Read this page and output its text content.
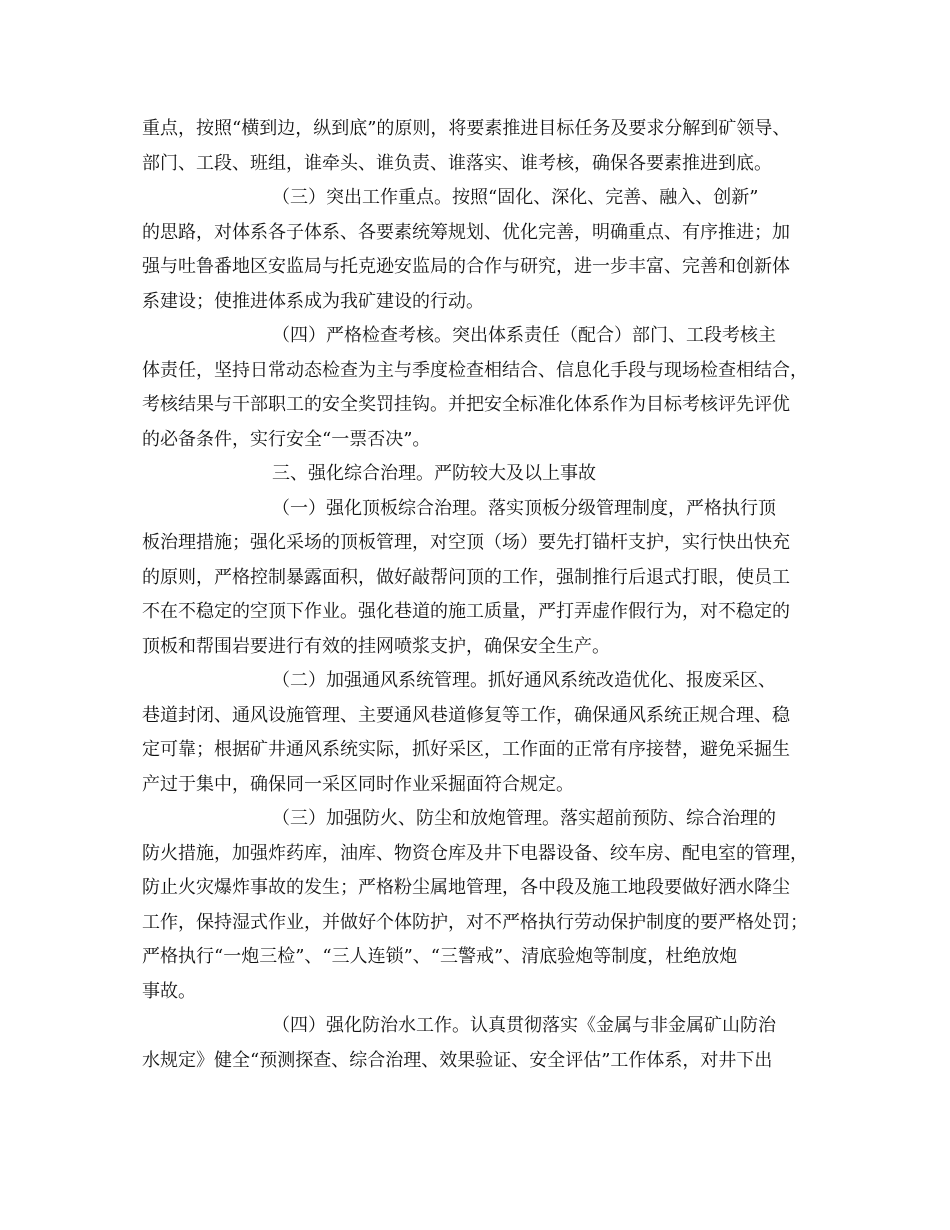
重点，按照“横到边，纵到底”的原则，将要素推进目标任务及要求分解到矿领导、
部门、工段、班组，谁牵头、谁负责、谁落实、谁考核，确保各要素推进到底。
（三）突出工作重点。按照“固化、深化、完善、融入、创新”
的思路，对体系各子体系、各要素统筹规划、优化完善，明确重点、有序推进；加
强与吐鲁番地区安监局与托克逊安监局的合作与研究，进一步丰富、完善和创新体
系建设；使推进体系成为我矿建设的行动。
（四）严格检查考核。突出体系责任（配合）部门、工段考核主
体责任，坚持日常动态检查为主与季度检查相结合、信息化手段与现场检查相结合，
考核结果与干部职工的安全奖罚挂钩。并把安全标准化体系作为目标考核评先评优
的必备条件，实行安全“一票否决”。
三、强化综合治理。严防较大及以上事故
（一）强化顶板综合治理。落实顶板分级管理制度，严格执行顶
板治理措施；强化采场的顶板管理，对空顶（场）要先打锚杆支护，实行快出快充
的原则，严格控制暴露面积，做好敲帮问顶的工作，强制推行后退式打眼，使员工
不在不稳定的空顶下作业。强化巷道的施工质量，严打弄虚作假行为，对不稳定的
顶板和帮围岩要进行有效的挂网喷浆支护，确保安全生产。
（二）加强通风系统管理。抓好通风系统改造优化、报废采区、
巷道封闭、通风设施管理、主要通风巷道修复等工作，确保通风系统正规合理、稳
定可靠；根据矿井通风系统实际，抓好采区，工作面的正常有序接替，避免采掘生
产过于集中，确保同一采区同时作业采掘面符合规定。
（三）加强防火、防尘和放炮管理。落实超前预防、综合治理的
防火措施，加强炸药库，油库、物资仓库及井下电器设备、绞车房、配电室的管理，
防止火灾爆炸事故的发生；严格粉尘属地管理，各中段及施工地段要做好洒水降尘
工作，保持湿式作业，并做好个体防护，对不严格执行劳动保护制度的要严格处罚；
严格执行“一炮三检”、“三人连锁”、“三警戒”、清底验炮等制度，杜绝放炮
事故。
（四）强化防治水工作。认真贯彻落实《金属与非金属矿山防治
水规定》健全“预测探查、综合治理、效果验证、安全评估”工作体系，对井下出
